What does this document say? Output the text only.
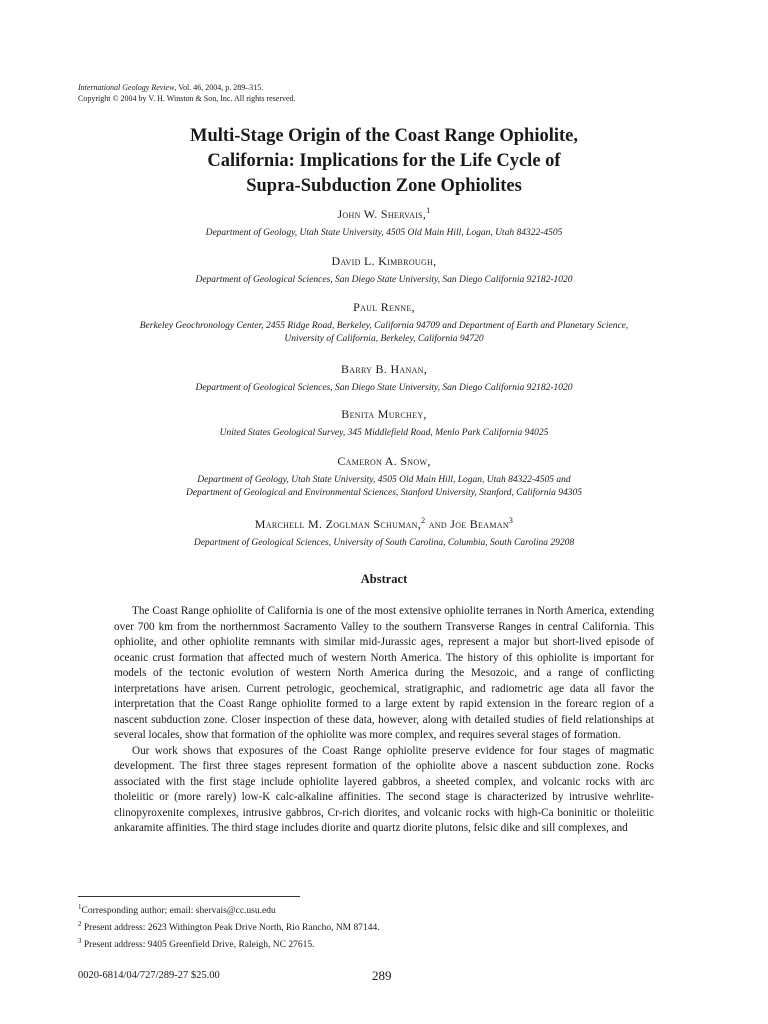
International Geology Review, Vol. 46, 2004, p. 289–315.
Copyright © 2004 by V. H. Winston & Son, Inc. All rights reserved.
Multi-Stage Origin of the Coast Range Ophiolite,
California: Implications for the Life Cycle of
Supra-Subduction Zone Ophiolites
John W. Shervais,$^1$
Department of Geology, Utah State University, 4505 Old Main Hill, Logan, Utah 84322-4505
David L. Kimbrough,
Department of Geological Sciences, San Diego State University, San Diego California 92182-1020
Paul Renne,
Berkeley Geochronology Center, 2455 Ridge Road, Berkeley, California 94709 and Department of Earth and Planetary Science,
University of California, Berkeley, California 94720
Barry B. Hanan,
Department of Geological Sciences, San Diego State University, San Diego California 92182-1020
Benita Murchey,
United States Geological Survey, 345 Middlefield Road, Menlo Park California 94025
Cameron A. Snow,
Department of Geology, Utah State University, 4505 Old Main Hill, Logan, Utah 84322-4505 and
Department of Geological and Environmental Sciences, Stanford University, Stanford, California 94305
Marchell M. Zoglman Schuman,$^2$ and Joe Beaman$^3$
Department of Geological Sciences, University of South Carolina, Columbia, South Carolina 29208
Abstract

The Coast Range ophiolite of California is one of the most extensive ophiolite terranes in North America, extending over 700 km from the northernmost Sacramento Valley to the southern Transverse Ranges in central California. This ophiolite, and other ophiolite remnants with similar mid-Jurassic ages, represent a major but short-lived episode of oceanic crust formation that affected much of western North America. The history of this ophiolite is important for models of the tectonic evolution of western North America during the Mesozoic, and a range of conflicting interpretations have arisen. Current petrologic, geochemical, stratigraphic, and radiometric age data all favor the interpretation that the Coast Range ophiolite formed to a large extent by rapid extension in the forearc region of a nascent subduction zone. Closer inspection of these data, however, along with detailed studies of field relationships at several locales, show that formation of the ophiolite was more complex, and requires several stages of formation.

Our work shows that exposures of the Coast Range ophiolite preserve evidence for four stages of magmatic development. The first three stages represent formation of the ophiolite above a nascent subduction zone. Rocks associated with the first stage include ophiolite layered gabbros, a sheeted complex, and volcanic rocks with arc tholeiitic or (more rarely) low-K calc-alkaline affinities. The second stage is characterized by intrusive wehrlite-clinopyroxenite complexes, intrusive gabbros, Cr-rich diorites, and volcanic rocks with high-Ca boninitic or tholeiitic ankaramite affinities. The third stage includes diorite and quartz diorite plutons, felsic dike and sill complexes, and

$^1$Corresponding author; email: shervais@cc.usu.edu
$^2$ Present address: 2623 Withington Peak Drive North, Rio Rancho, NM 87144.
$^3$ Present address: 9405 Greenfield Drive, Raleigh, NC 27615.
0020-6814/04/727/289-27 $25.00	289
